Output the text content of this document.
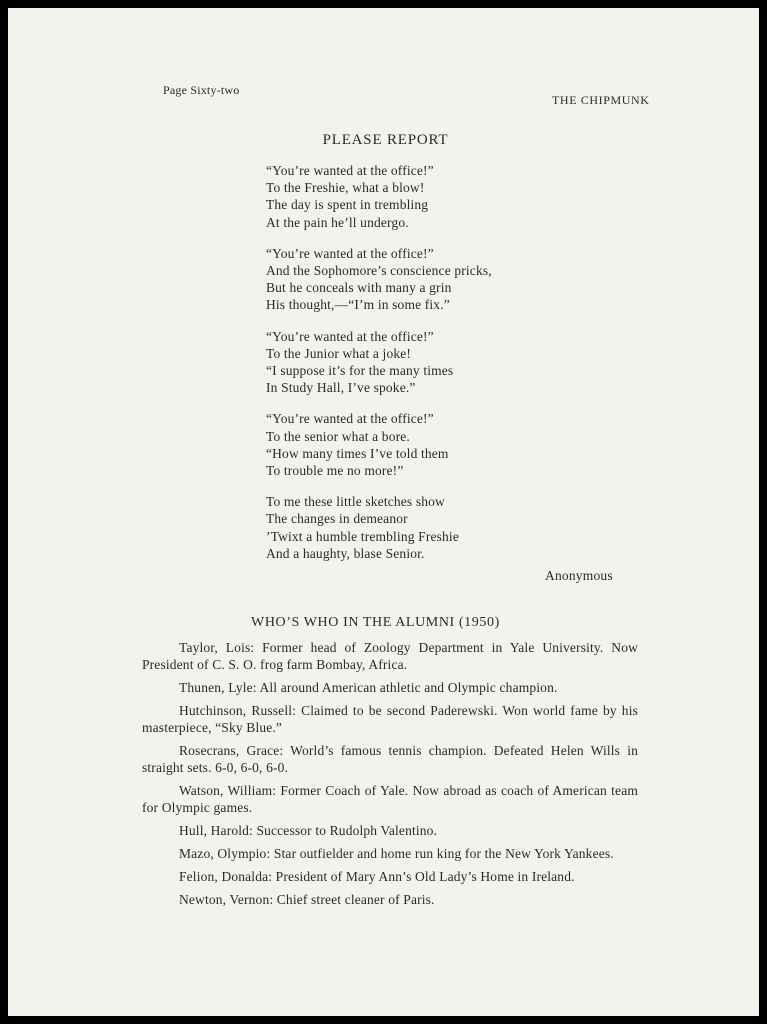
Page Sixty-two
THE CHIPMUNK
PLEASE REPORT
“You’re wanted at the office!”
To the Freshie, what a blow!
The day is spent in trembling
At the pain he’ll undergo.
“You’re wanted at the office!”
And the Sophomore’s conscience pricks,
But he conceals with many a grin
His thought,—“I’m in some fix.”
“You’re wanted at the office!”
To the Junior what a joke!
“I suppose it’s for the many times
In Study Hall, I’ve spoke.”
“You’re wanted at the office!”
To the senior what a bore.
“How many times I’ve told them
To trouble me no more!”
To me these little sketches show
The changes in demeanor
’Twixt a humble trembling Freshie
And a haughty, blase Senior.
Anonymous
WHO’S WHO IN THE ALUMNI (1950)

Taylor, Lois: Former head of Zoology Department in Yale University. Now President of C. S. O. frog farm Bombay, Africa.

Thunen, Lyle: All around American athletic and Olympic champion.

Hutchinson, Russell: Claimed to be second Paderewski. Won world fame by his masterpiece, “Sky Blue.”

Rosecrans, Grace: World’s famous tennis champion. Defeated Helen Wills in straight sets. 6-0, 6-0, 6-0.

Watson, William: Former Coach of Yale. Now abroad as coach of American team for Olympic games.

Hull, Harold: Successor to Rudolph Valentino.

Mazo, Olympio: Star outfielder and home run king for the New York Yankees.

Felion, Donalda: President of Mary Ann’s Old Lady’s Home in Ireland.

Newton, Vernon: Chief street cleaner of Paris.
